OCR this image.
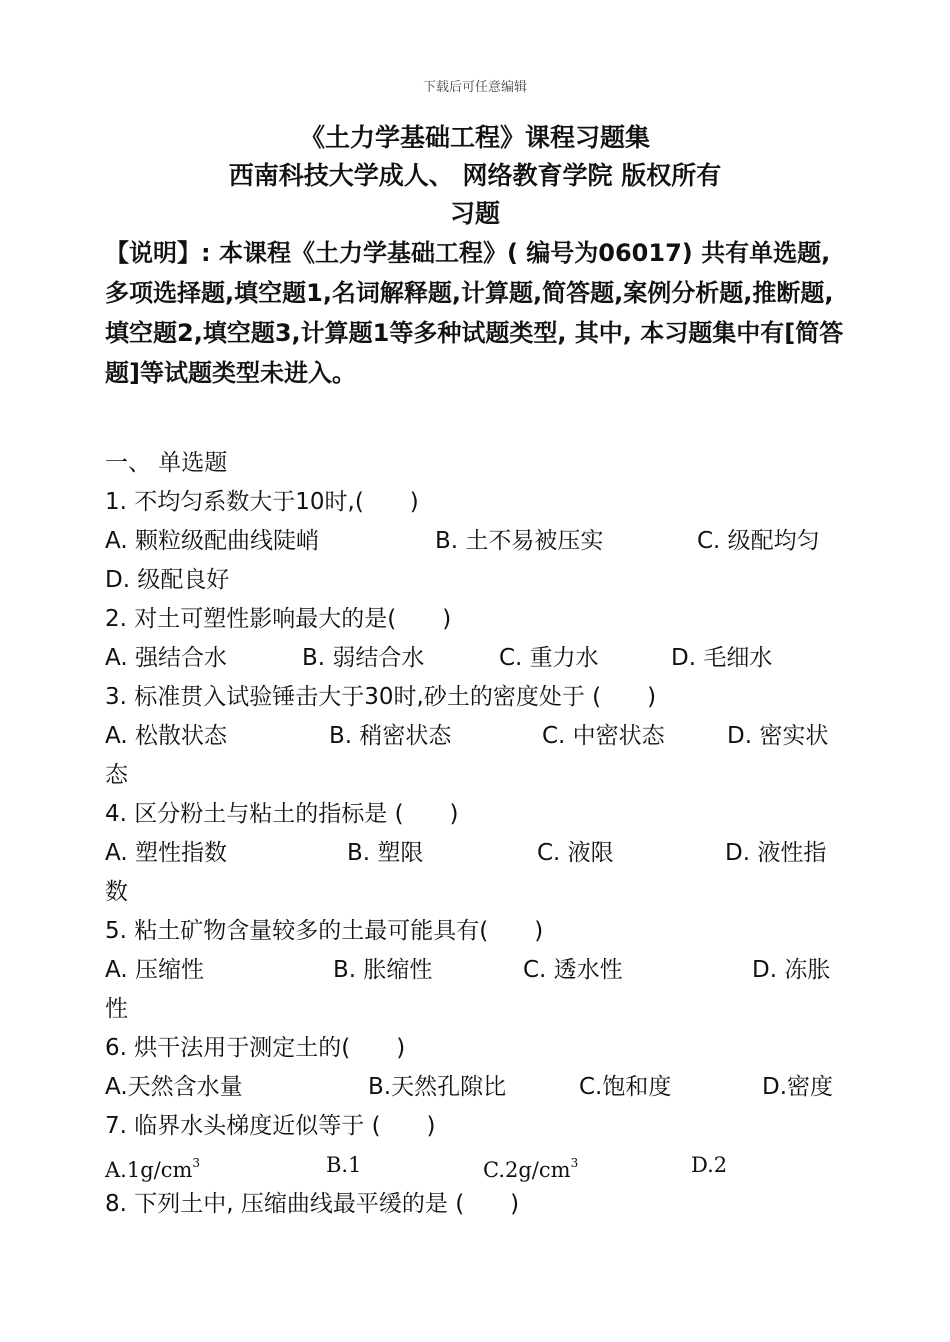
下载后可任意编辑
《土力学基础工程》课程习题集
西南科技大学成人、 网络教育学院 版权所有
习题
【说明】: 本课程《土力学基础工程》( 编号为06017) 共有单选题,多项选择题,填空题1,名词解释题,计算题,简答题,案例分析题,推断题,填空题2,填空题3,计算题1等多种试题类型, 其中, 本习题集中有[简答题]等试题类型未进入。
一、 单选题
1. 不均匀系数大于10时,(　　)
A. 颗粒级配曲线陡峭	B. 土不易被压实	C. 级配均匀
D. 级配良好
2. 对土可塑性影响最大的是(　　)
A. 强结合水	B. 弱结合水	C. 重力水	D. 毛细水
3. 标准贯入试验锤击大于30时,砂土的密度处于 (　　)
A. 松散状态	B. 稍密状态	C. 中密状态	D. 密实状
态
4. 区分粉土与粘土的指标是 (　　)
A. 塑性指数	B. 塑限	C. 液限	D. 液性指
数
5. 粘土矿物含量较多的土最可能具有(　　)
A. 压缩性	B. 胀缩性	C. 透水性	D. 冻胀
性
6. 烘干法用于测定土的(　　)
A.天然含水量	B.天然孔隙比	C.饱和度	D.密度
7. 临界水头梯度近似等于 (　　)
$A.1g/cm^3$	B.1	$C.2g/cm^3$	D.2
8. 下列土中, 压缩曲线最平缓的是 (　　)
